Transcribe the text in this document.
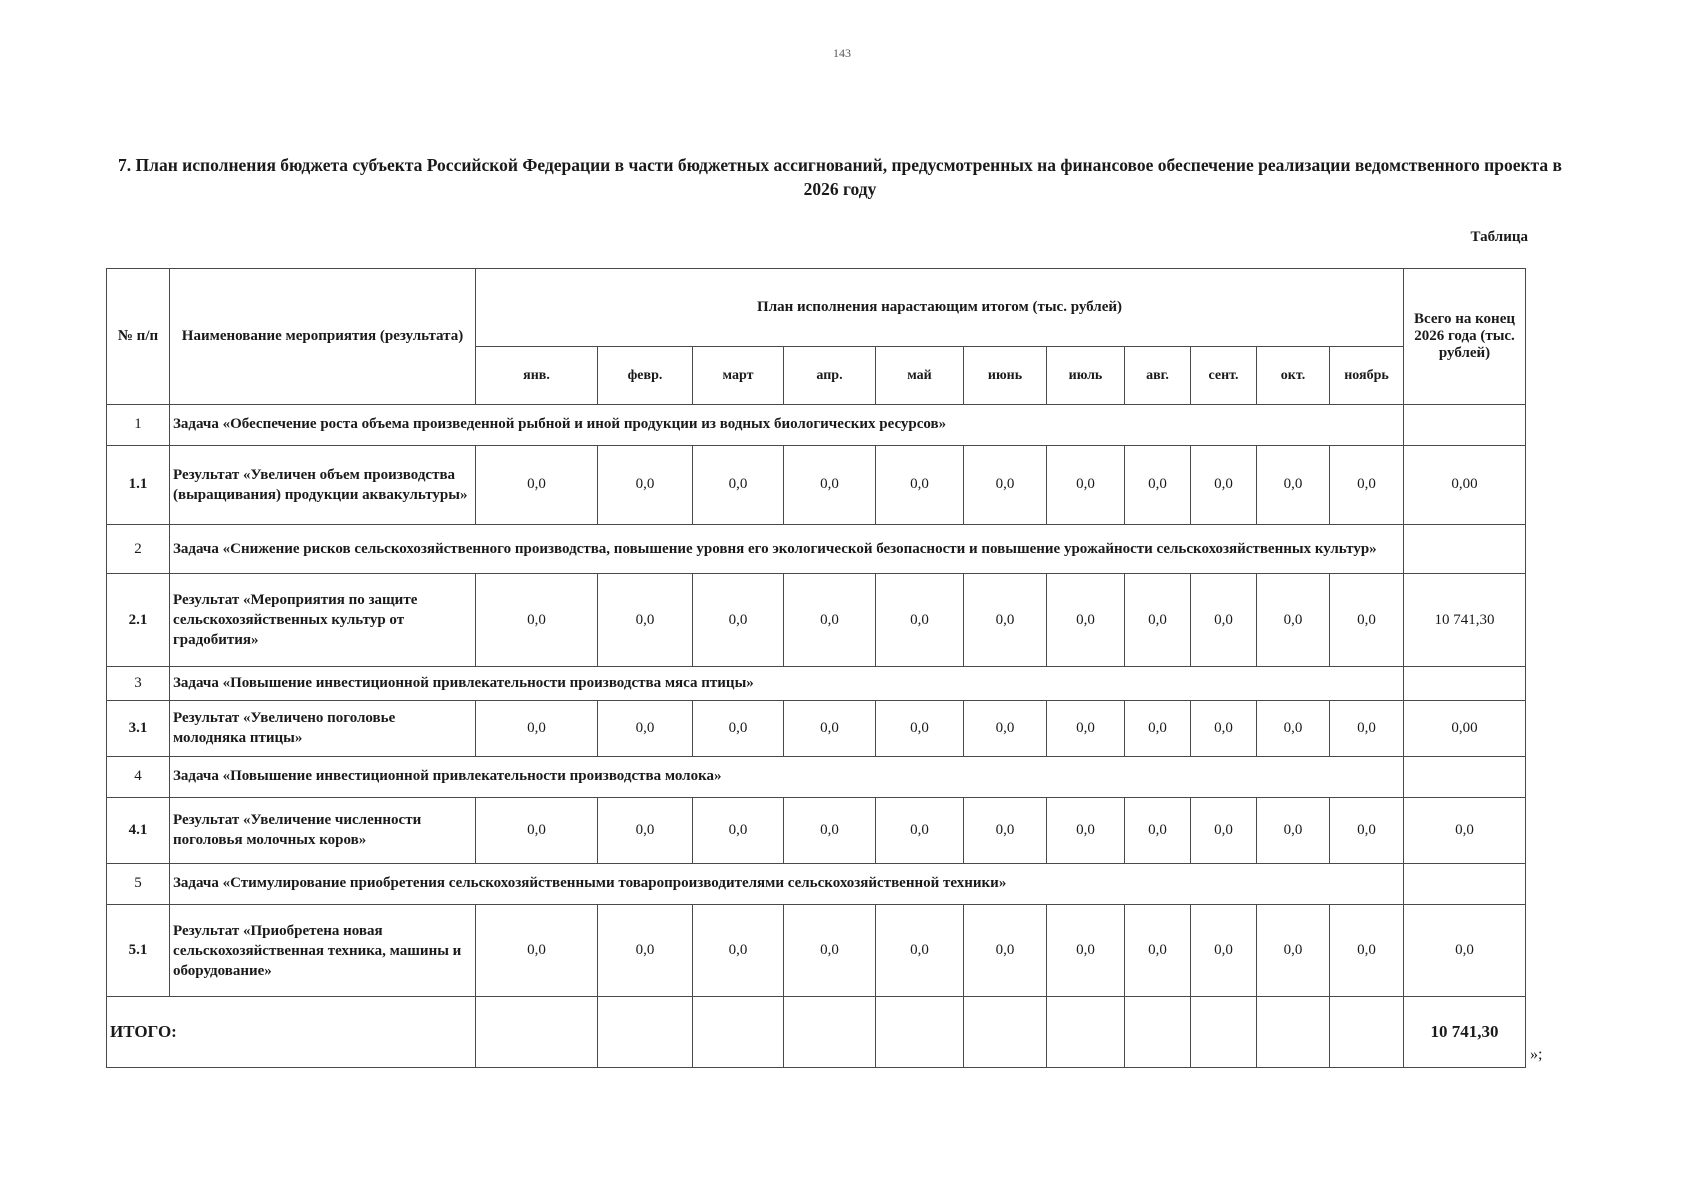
143
7. План исполнения бюджета субъекта Российской Федерации в части бюджетных ассигнований, предусмотренных на финансовое обеспечение реализации ведомственного проекта в 2026 году
Таблица
№ п/п	Наименование мероприятия (результата)	План исполнения нарастающим итогом (тыс. рублей)											Всего на конец 2026 года (тыс. рублей)
		янв.	февр.	март	апр.	май	июнь	июль	авг.	сент.	окт.	ноябрь	
1	Задача «Обеспечение роста объема произведенной рыбной и иной продукции из водных биологических ресурсов»												
1.1	Результат «Увеличен объем производства (выращивания) продукции аквакультуры»	0,0	0,0	0,0	0,0	0,0	0,0	0,0	0,0	0,0	0,0	0,0	0,00
2	Задача «Снижение рисков сельскохозяйственного производства, повышение уровня его экологической безопасности и повышение урожайности сельскохозяйственных культур»												
2.1	Результат «Мероприятия по защите сельскохозяйственных культур от градобития»	0,0	0,0	0,0	0,0	0,0	0,0	0,0	0,0	0,0	0,0	0,0	10 741,30
3	Задача «Повышение инвестиционной привлекательности производства мяса птицы»												
3.1	Результат «Увеличено поголовье молодняка птицы»	0,0	0,0	0,0	0,0	0,0	0,0	0,0	0,0	0,0	0,0	0,0	0,00
4	Задача «Повышение инвестиционной привлекательности производства молока»												
4.1	Результат «Увеличение численности поголовья молочных коров»	0,0	0,0	0,0	0,0	0,0	0,0	0,0	0,0	0,0	0,0	0,0	0,0
5	Задача «Стимулирование приобретения сельскохозяйственными товаропроизводителями сельскохозяйственной техники»												
5.1	Результат «Приобретена новая сельскохозяйственная техника, машины и оборудование»	0,0	0,0	0,0	0,0	0,0	0,0	0,0	0,0	0,0	0,0	0,0	0,0
ИТОГО:													10 741,30
»;
